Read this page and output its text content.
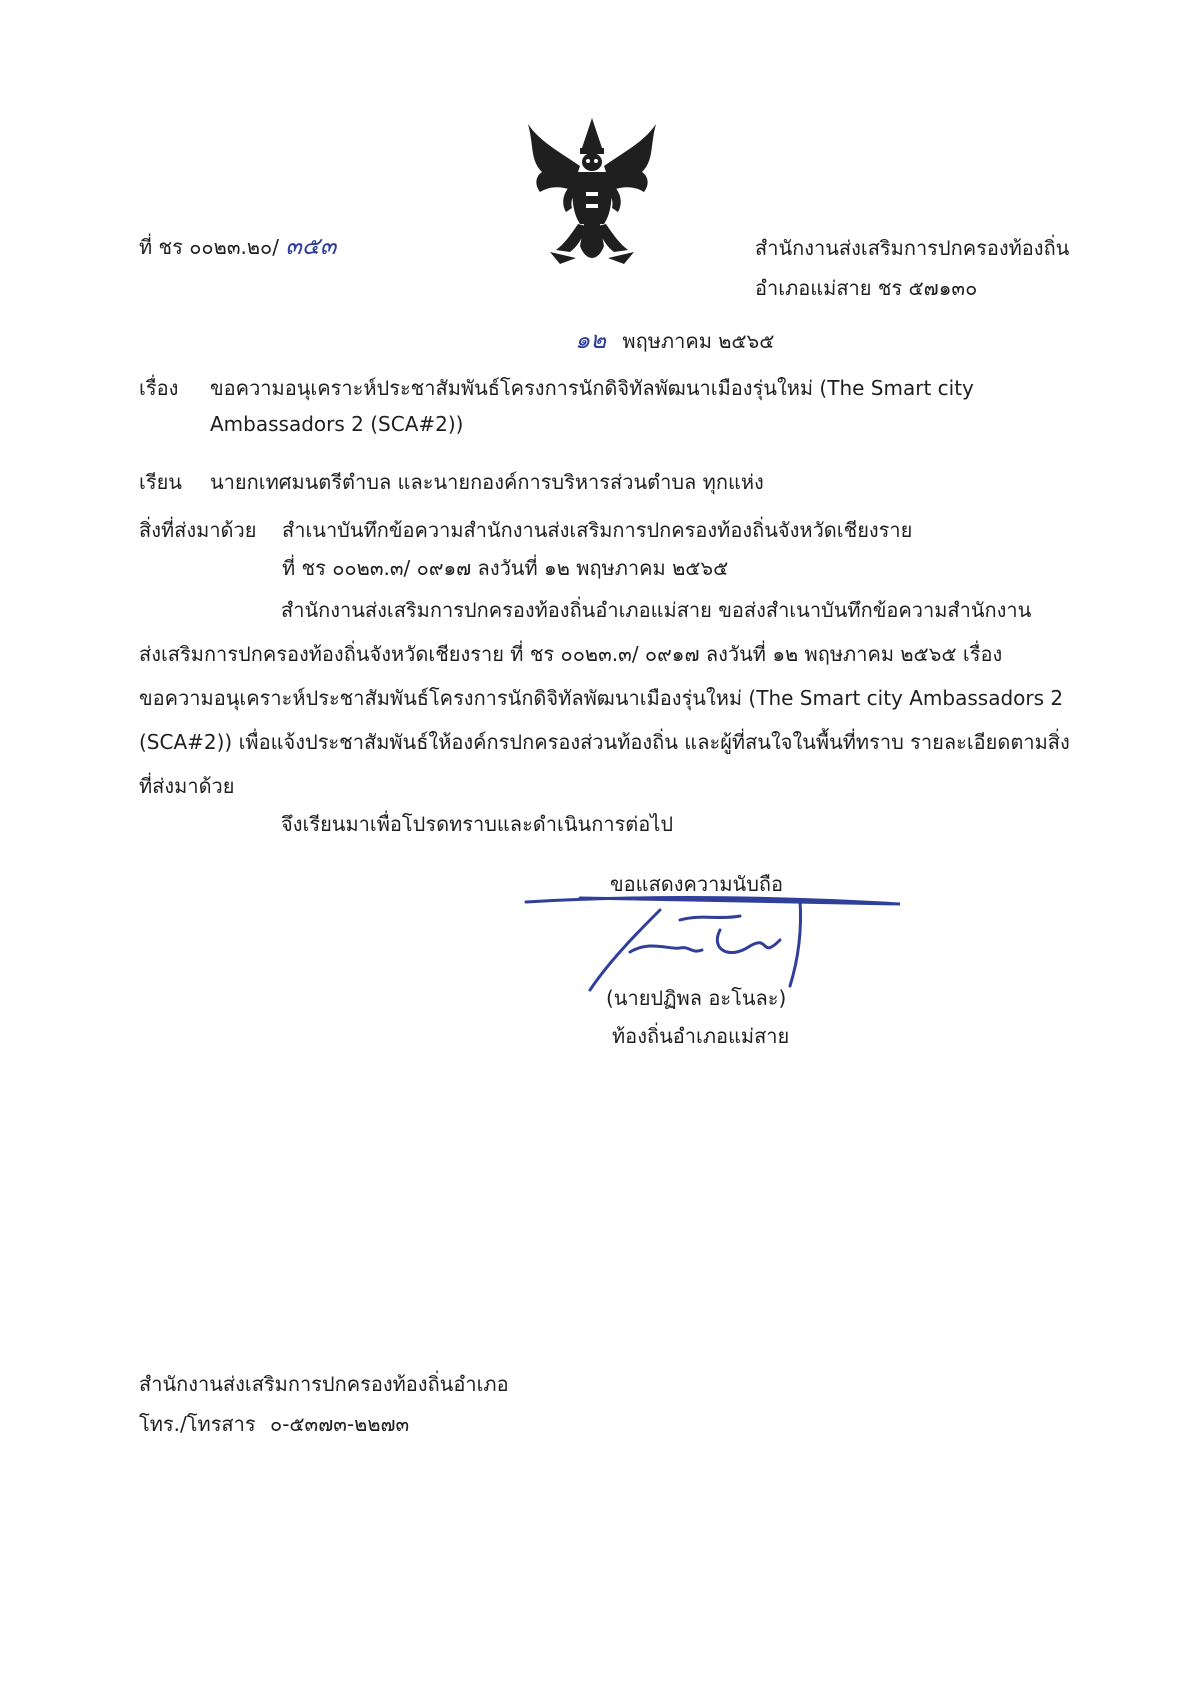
ที่ ชร ๐๐๒๓.๒๐/ ๓๕๓	สำนักงานส่งเสริมการปกครองท้องถิ่น
อำเภอแม่สาย ชร ๕๗๑๓๐
๑๒ พฤษภาคม ๒๕๖๕
เรื่อง ขอความอนุเคราะห์ประชาสัมพันธ์โครงการนักดิจิทัลพัฒนาเมืองรุ่นใหม่ (The Smart city
Ambassadors 2 (SCA#2))
เรียน นายกเทศมนตรีตำบล และนายกองค์การบริหารส่วนตำบล ทุกแห่ง
สิ่งที่ส่งมาด้วย สำเนาบันทึกข้อความสำนักงานส่งเสริมการปกครองท้องถิ่นจังหวัดเชียงราย
ที่ ชร ๐๐๒๓.๓/ ๐๙๑๗ ลงวันที่ ๑๒ พฤษภาคม ๒๕๖๕
สำนักงานส่งเสริมการปกครองท้องถิ่นอำเภอแม่สาย ขอส่งสำเนาบันทึกข้อความสำนักงาน
ส่งเสริมการปกครองท้องถิ่นจังหวัดเชียงราย ที่ ชร ๐๐๒๓.๓/ ๐๙๑๗ ลงวันที่ ๑๒ พฤษภาคม ๒๕๖๕ เรื่อง
ขอความอนุเคราะห์ประชาสัมพันธ์โครงการนักดิจิทัลพัฒนาเมืองรุ่นใหม่ (The Smart city Ambassadors 2
(SCA#2)) เพื่อแจ้งประชาสัมพันธ์ให้องค์กรปกครองส่วนท้องถิ่น และผู้ที่สนใจในพื้นที่ทราบ รายละเอียดตามสิ่ง
ที่ส่งมาด้วย
จึงเรียนมาเพื่อโปรดทราบและดำเนินการต่อไป
ขอแสดงความนับถือ
(นายปฏิพล อะโนละ)
ท้องถิ่นอำเภอแม่สาย
สำนักงานส่งเสริมการปกครองท้องถิ่นอำเภอ
โทร./โทรสาร ๐-๕๓๗๓-๒๒๗๓
